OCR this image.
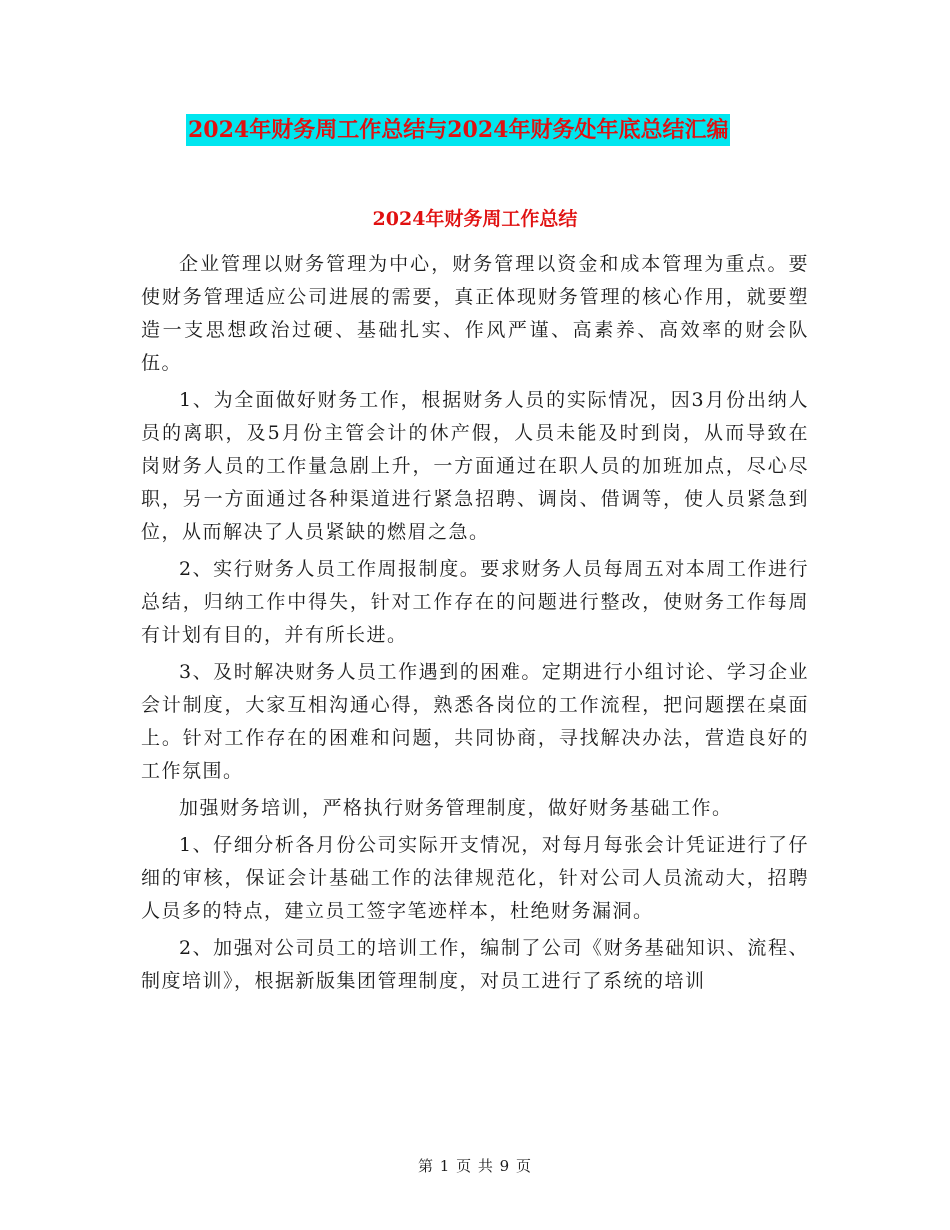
2024年财务周工作总结与2024年财务处年底总结汇编
2024年财务周工作总结

企业管理以财务管理为中心，财务管理以资金和成本管理为重点。要使财务管理适应公司进展的需要，真正体现财务管理的核心作用，就要塑造一支思想政治过硬、基础扎实、作风严谨、高素养、高效率的财会队伍。

1、为全面做好财务工作，根据财务人员的实际情况，因3月份出纳人员的离职，及5月份主管会计的休产假，人员未能及时到岗，从而导致在岗财务人员的工作量急剧上升，一方面通过在职人员的加班加点，尽心尽职，另一方面通过各种渠道进行紧急招聘、调岗、借调等，使人员紧急到位，从而解决了人员紧缺的燃眉之急。

2、实行财务人员工作周报制度。要求财务人员每周五对本周工作进行总结，归纳工作中得失，针对工作存在的问题进行整改，使财务工作每周有计划有目的，并有所长进。

3、及时解决财务人员工作遇到的困难。定期进行小组讨论、学习企业会计制度，大家互相沟通心得，熟悉各岗位的工作流程，把问题摆在桌面上。针对工作存在的困难和问题，共同协商，寻找解决办法，营造良好的工作氛围。

加强财务培训，严格执行财务管理制度，做好财务基础工作。

1、仔细分析各月份公司实际开支情况，对每月每张会计凭证进行了仔细的审核，保证会计基础工作的法律规范化，针对公司人员流动大，招聘人员多的特点，建立员工签字笔迹样本，杜绝财务漏洞。

2、加强对公司员工的培训工作，编制了公司《财务基础知识、流程、制度培训》，根据新版集团管理制度，对员工进行了系统的培训

第 1 页 共 9 页
